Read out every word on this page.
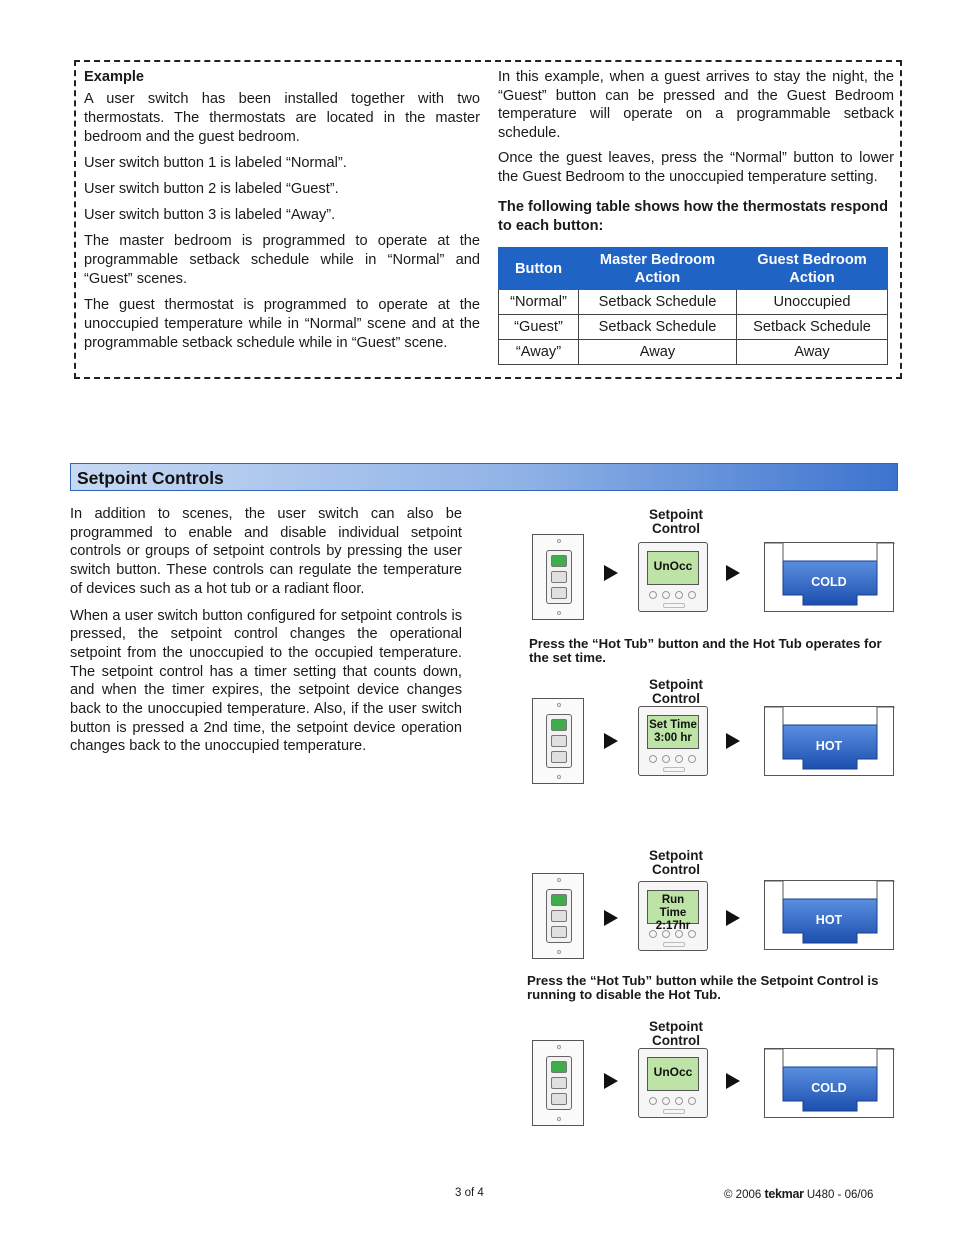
Example

A user switch has been installed together with two thermostats. The thermostats are located in the master bedroom and the guest bedroom.

User switch button 1 is labeled “Normal”.

User switch button 2 is labeled “Guest”.

User switch button 3 is labeled “Away”.

The master bedroom is programmed to operate at the programmable setback schedule while in “Normal” and “Guest” scenes.

The guest thermostat is programmed to operate at the unoccupied temperature while in “Normal” scene and at the programmable setback schedule while in “Guest” scene.

In this example, when a guest arrives to stay the night, the “Guest” button can be pressed and the Guest Bedroom temperature will operate on a programmable setback schedule.

Once the guest leaves, press the “Normal” button to lower the Guest Bedroom to the unoccupied temperature setting.

The following table shows how the thermostats respond to each button:

Button	Master Bedroom Action	Guest Bedroom Action
“Normal”	Setback Schedule	Unoccupied
“Guest”	Setback Schedule	Setback Schedule
“Away”	Away	Away
Setpoint Controls

In addition to scenes, the user switch can also be programmed to enable and disable individual setpoint controls or groups of setpoint controls by pressing the user switch button. These controls can regulate the temperature of devices such as a hot tub or a radiant floor.

When a user switch button configured for setpoint controls is pressed, the setpoint control changes the operational setpoint from the unoccupied to the occupied temperature. The setpoint control has a timer setting that counts down, and when the timer expires, the setpoint device changes back to the unoccupied temperature. Also, if the user switch button is pressed a 2nd time, the setpoint device operation changes back to the unoccupied temperature.

Setpoint Control
UnOcc
COLD
Press the “Hot Tub” button and the Hot Tub operates for the set time.
Setpoint Control
Set Time
3:00 hr
HOT
Setpoint Control
Run Time
2:17hr	HOT
Press the “Hot Tub” button while the Setpoint Control is running to disable the Hot Tub.
Setpoint Control
UnOcc
COLD
3 of 4	© 2006 tekmar U480 - 06/06
